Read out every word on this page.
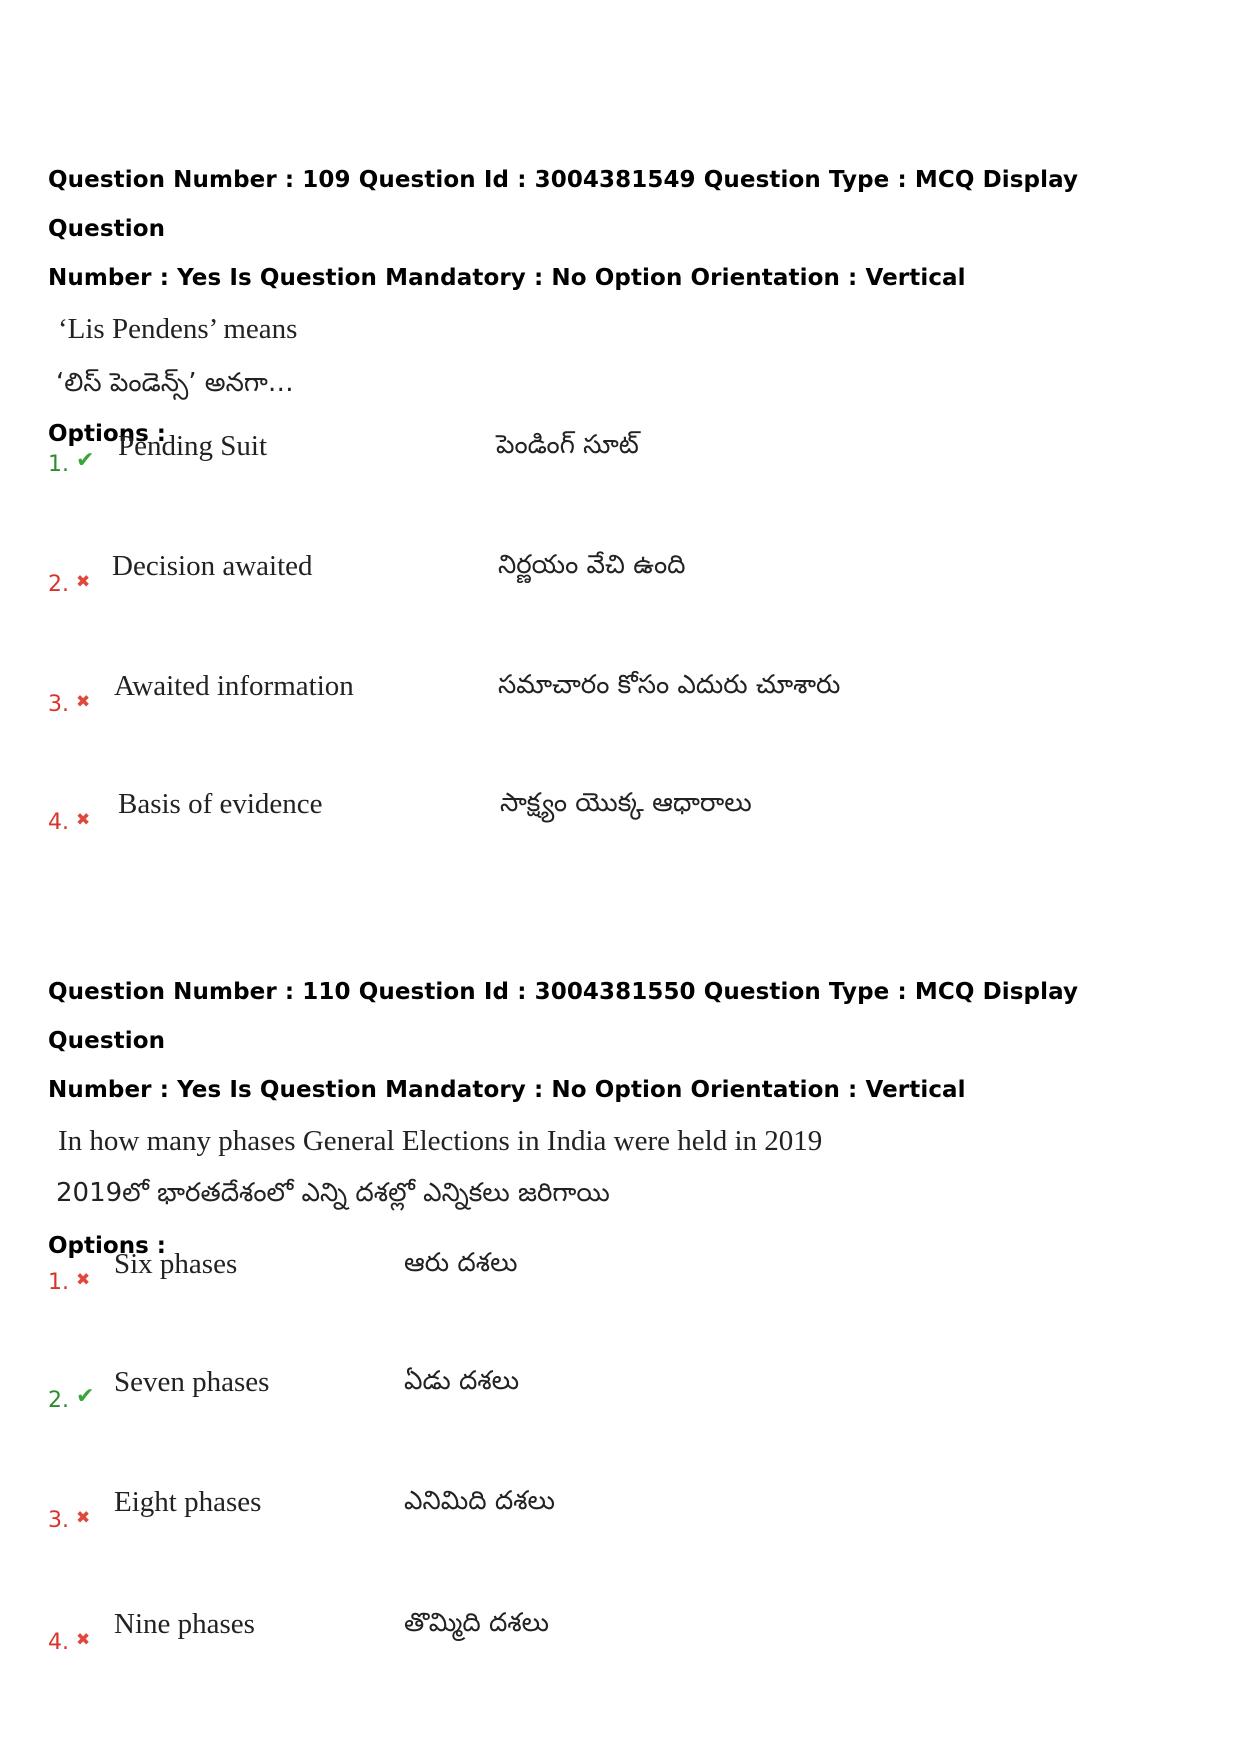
Question Number : 109 Question Id : 3004381549 Question Type : MCQ Display Question

Number : Yes Is Question Mandatory : No Option Orientation : Vertical

‘Lis Pendens’ means
‘లిస్ పెండెన్స్’ అనగా…
Options :
1. ✔ Pending Suit	పెండింగ్ సూట్
2. ✖ Decision awaited	నిర్ణయం వేచి ఉంది
3. ✖ Awaited information	సమాచారం కోసం ఎదురు చూశారు
4. ✖ Basis of evidence	సాక్ష్యం యొక్క ఆధారాలు

Question Number : 110 Question Id : 3004381550 Question Type : MCQ Display Question

Number : Yes Is Question Mandatory : No Option Orientation : Vertical

In how many phases General Elections in India were held in 2019
2019లో భారతదేశంలో ఎన్ని దశల్లో ఎన్నికలు జరిగాయి
Options :
1. ✖ Six phases	ఆరు దశలు
2. ✔ Seven phases	ఏడు దశలు
3. ✖ Eight phases	ఎనిమిది దశలు
4. ✖ Nine phases	తొమ్మిది దశలు
